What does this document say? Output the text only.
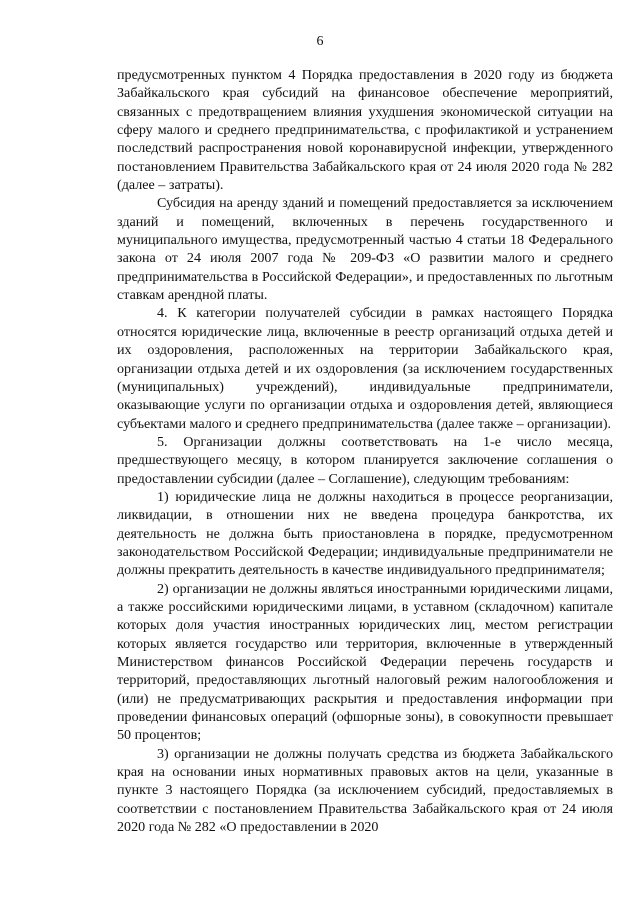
6

предусмотренных пунктом 4 Порядка предоставления в 2020 году из бюджета Забайкальского края субсидий на финансовое обеспечение мероприятий, связанных с предотвращением влияния ухудшения экономической ситуации на сферу малого и среднего предпринимательства, с профилактикой и устранением последствий распространения новой коронавирусной инфекции, утвержденного постановлением Правительства Забайкальского края от 24 июля 2020 года № 282 (далее – затраты).

Субсидия на аренду зданий и помещений предоставляется за исключением зданий и помещений, включенных в перечень государственного и муниципального имущества, предусмотренный частью 4 статьи 18 Федерального закона от 24 июля 2007 года № 209-ФЗ «О развитии малого и среднего предпринимательства в Российской Федерации», и предоставленных по льготным ставкам арендной платы.

4. К категории получателей субсидии в рамках настоящего Порядка относятся юридические лица, включенные в реестр организаций отдыха детей и их оздоровления, расположенных на территории Забайкальского края, организации отдыха детей и их оздоровления (за исключением государственных (муниципальных) учреждений), индивидуальные предприниматели, оказывающие услуги по организации отдыха и оздоровления детей, являющиеся субъектами малого и среднего предпринимательства (далее также – организации).

5. Организации должны соответствовать на 1-е число месяца, предшествующего месяцу, в котором планируется заключение соглашения о предоставлении субсидии (далее – Соглашение), следующим требованиям:

1) юридические лица не должны находиться в процессе реорганизации, ликвидации, в отношении них не введена процедура банкротства, их деятельность не должна быть приостановлена в порядке, предусмотренном законодательством Российской Федерации; индивидуальные предприниматели не должны прекратить деятельность в качестве индивидуального предпринимателя;

2) организации не должны являться иностранными юридическими лицами, а также российскими юридическими лицами, в уставном (складочном) капитале которых доля участия иностранных юридических лиц, местом регистрации которых является государство или территория, включенные в утвержденный Министерством финансов Российской Федерации перечень государств и территорий, предоставляющих льготный налоговый режим налогообложения и (или) не предусматривающих раскрытия и предоставления информации при проведении финансовых операций (офшорные зоны), в совокупности превышает 50 процентов;

3) организации не должны получать средства из бюджета Забайкальского края на основании иных нормативных правовых актов на цели, указанные в пункте 3 настоящего Порядка (за исключением субсидий, предоставляемых в соответствии с постановлением Правительства Забайкальского края от 24 июля 2020 года № 282 «О предоставлении в 2020
